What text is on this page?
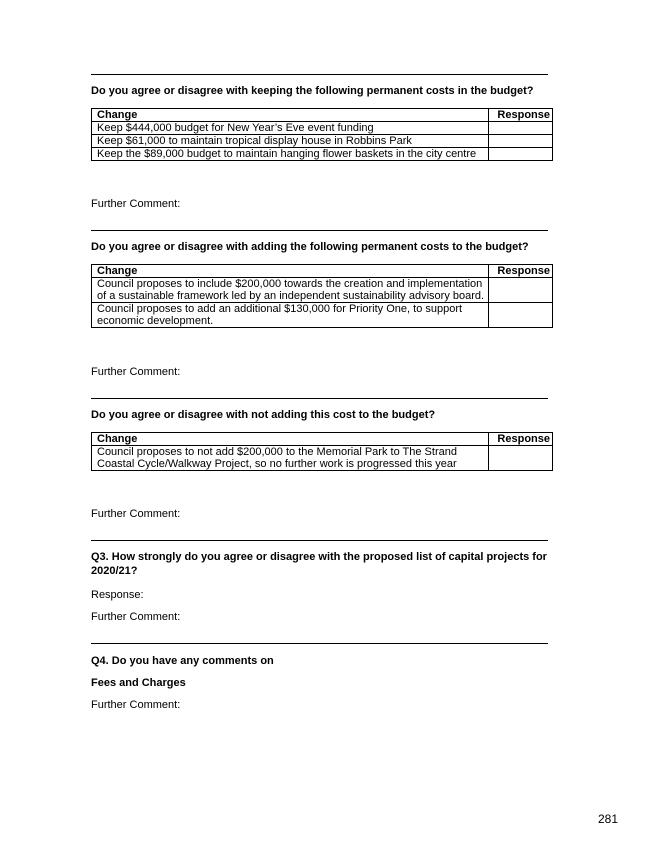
Do you agree or disagree with keeping the following permanent costs in the budget?

Change	Response
Keep $444,000 budget for New Year’s Eve event funding	
Keep $61,000 to maintain tropical display house in Robbins Park	
Keep the $89,000 budget to maintain hanging flower baskets in the city centre	

Further Comment:

Do you agree or disagree with adding the following permanent costs to the budget?

Change	Response
Council proposes to include $200,000 towards the creation and implementation of a sustainable framework led by an independent sustainability advisory board.	
Council proposes to add an additional $130,000 for Priority One, to support economic development.	

Further Comment:

Do you agree or disagree with not adding this cost to the budget?

Change	Response
Council proposes to not add $200,000 to the Memorial Park to The Strand Coastal Cycle/Walkway Project, so no further work is progressed this year	

Further Comment:

Q3. How strongly do you agree or disagree with the proposed list of capital projects for 2020/21?

Response:

Further Comment:

Q4. Do you have any comments on

Fees and Charges

Further Comment:

281
